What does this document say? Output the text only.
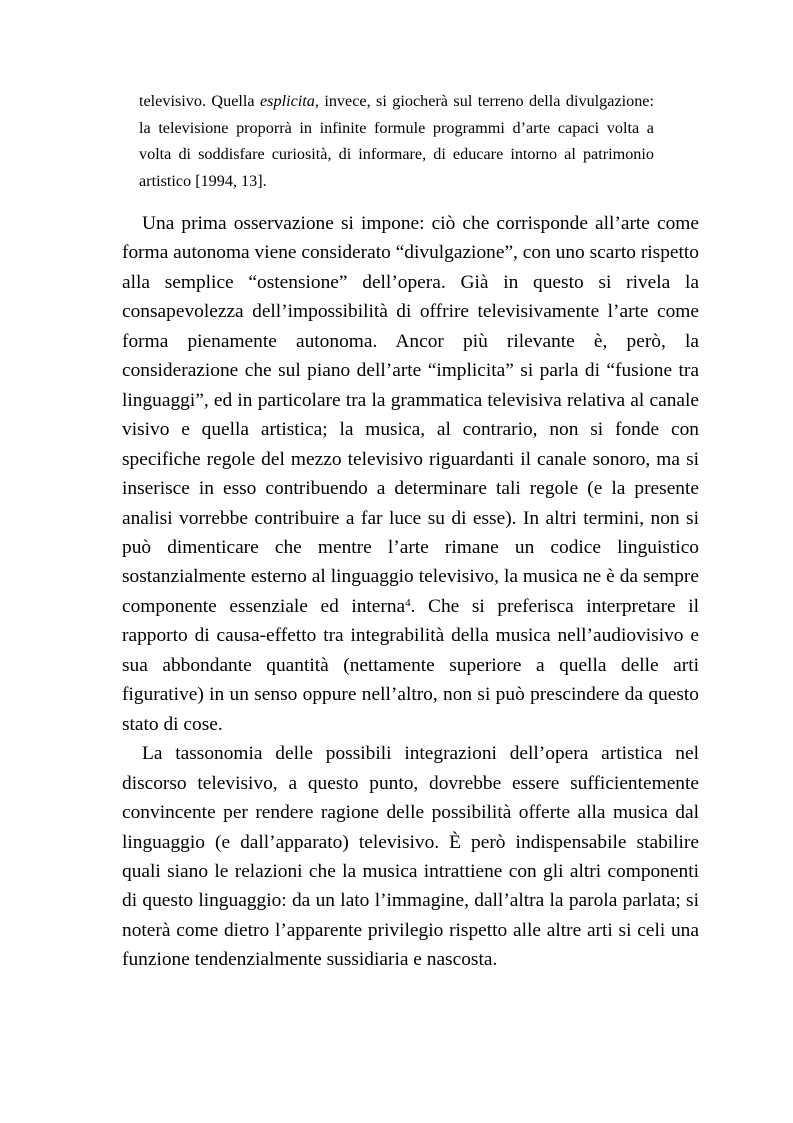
televisivo. Quella esplicita, invece, si giocherà sul terreno della divulgazione: la televisione proporrà in infinite formule programmi d’arte capaci volta a volta di soddisfare curiosità, di informare, di educare intorno al patrimonio artistico [1994, 13].

Una prima osservazione si impone: ciò che corrisponde all’arte come forma autonoma viene considerato “divulgazione”, con uno scarto rispetto alla semplice “ostensione” dell’opera. Già in questo si rivela la consapevolezza dell’impossibilità di offrire televisivamente l’arte come forma pienamente autonoma. Ancor più rilevante è, però, la considerazione che sul piano dell’arte “implicita” si parla di “fusione tra linguaggi”, ed in particolare tra la grammatica televisiva relativa al canale visivo e quella artistica; la musica, al contrario, non si fonde con specifiche regole del mezzo televisivo riguardanti il canale sonoro, ma si inserisce in esso contribuendo a determinare tali regole (e la presente analisi vorrebbe contribuire a far luce su di esse). In altri termini, non si può dimenticare che mentre l’arte rimane un codice linguistico sostanzialmente esterno al linguaggio televisivo, la musica ne è da sempre componente essenziale ed interna$^4$. Che si preferisca interpretare il rapporto di causa-effetto tra integrabilità della musica nell’audiovisivo e sua abbondante quantità (nettamente superiore a quella delle arti figurative) in un senso oppure nell’altro, non si può prescindere da questo stato di cose.

La tassonomia delle possibili integrazioni dell’opera artistica nel discorso televisivo, a questo punto, dovrebbe essere sufficientemente convincente per rendere ragione delle possibilità offerte alla musica dal linguaggio (e dall’apparato) televisivo. È però indispensabile stabilire quali siano le relazioni che la musica intrattiene con gli altri componenti di questo linguaggio: da un lato l’immagine, dall’altra la parola parlata; si noterà come dietro l’apparente privilegio rispetto alle altre arti si celi una funzione tendenzialmente sussidiaria e nascosta.
